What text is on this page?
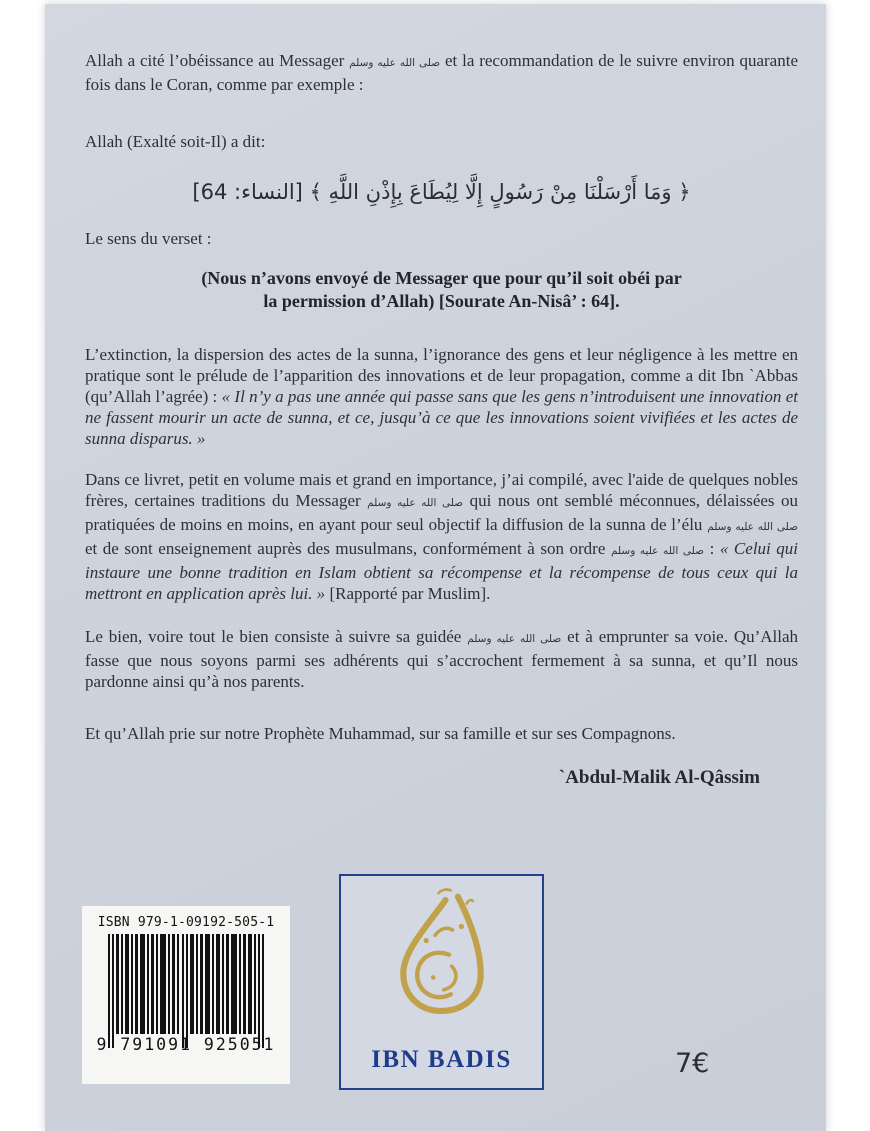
Allah a cité l’obéissance au Messager صلى الله عليه وسلم et la recommandation de le suivre environ quarante fois dans le Coran, comme par exemple :

Allah (Exalté soit-Il) a dit:

﴿ وَمَا أَرْسَلْنَا مِنْ رَسُولٍ إِلَّا لِيُطَاعَ بِإِذْنِ اللَّهِ ﴾ [النساء: 64]

Le sens du verset :

(Nous n’avons envoyé de Messager que pour qu’il soit obéi par

la permission d’Allah) [Sourate An-Nisâ’ : 64].

L’extinction, la dispersion des actes de la sunna, l’ignorance des gens et leur négligence à les mettre en pratique sont le prélude de l’apparition des innovations et de leur propagation, comme a dit Ibn `Abbas (qu’Allah l’agrée) : « Il n’y a pas une année qui passe sans que les gens n’introduisent une innovation et ne fassent mourir un acte de sunna, et ce, jusqu’à ce que les innovations soient vivifiées et les actes de sunna disparus. »

Dans ce livret, petit en volume mais et grand en importance, j’ai compilé, avec l'aide de quelques nobles frères, certaines traditions du Messager صلى الله عليه وسلم qui nous ont semblé méconnues, délaissées ou pratiquées de moins en moins, en ayant pour seul objectif la diffusion de la sunna de l’élu صلى الله عليه وسلم et de sont enseignement auprès des musulmans, conformément à son ordre صلى الله عليه وسلم : « Celui qui instaure une bonne tradition en Islam obtient sa récompense et la récompense de tous ceux qui la mettront en application après lui. » [Rapporté par Muslim].

Le bien, voire tout le bien consiste à suivre sa guidée صلى الله عليه وسلم et à emprunter sa voie. Qu’Allah fasse que nous soyons parmi ses adhérents qui s’accrochent fermement à sa sunna, et qu’Il nous pardonne ainsi qu’à nos parents.

Et qu’Allah prie sur notre Prophète Muhammad, sur sa famille et sur ses Compagnons.

`Abdul-Malik Al-Qâssim

ISBN 979-1-09192-505-1
9 791091 925051
IBN BADIS	7€
